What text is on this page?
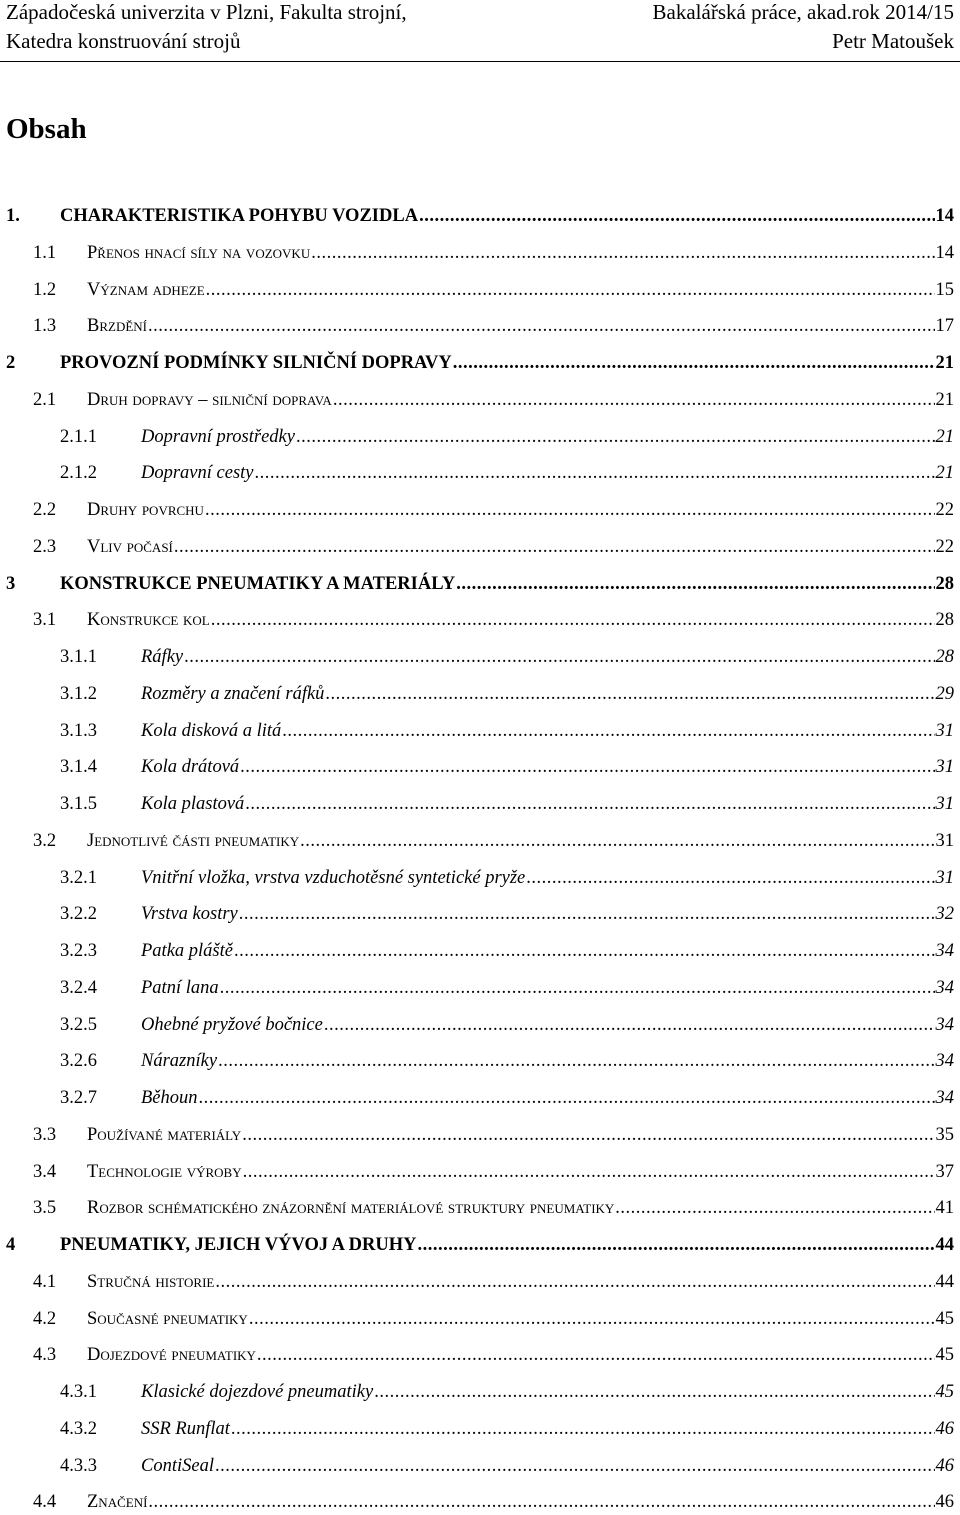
Západočeská univerzita v Plzni, Fakulta strojní,	Bakalářská práce, akad.rok 2014/15
Katedra konstruování strojů	Petr Matoušek
Obsah
1. CHARAKTERISTIKA POHYBU VOZIDLA .....	14
1.1 Přenos hnací síly na vozovku .....	14
1.2 Význam adheze .....	15
1.3 Brzdění .....	17
2 PROVOZNÍ PODMÍNKY SILNIČNÍ DOPRAVY .....	21
2.1 Druh dopravy – silniční doprava .....	21
2.1.1 Dopravní prostředky .....	21
2.1.2 Dopravní cesty .....	21
2.2 Druhy povrchu .....	22
2.3 Vliv počasí .....	22
3 KONSTRUKCE PNEUMATIKY A MATERIÁLY .....	28
3.1 Konstrukce kol .....	28
3.1.1 Ráfky .....	28
3.1.2 Rozměry a značení ráfků .....	29
3.1.3 Kola disková a litá .....	31
3.1.4 Kola drátová .....	31
3.1.5 Kola plastová .....	31
3.2 Jednotlivé části pneumatiky .....	31
3.2.1 Vnitřní vložka, vrstva vzduchotěsné syntetické pryže .....	31
3.2.2 Vrstva kostry .....	32
3.2.3 Patka pláště .....	34
3.2.4 Patní lana .....	34
3.2.5 Ohebné pryžové bočnice .....	34
3.2.6 Nárazníky .....	34
3.2.7 Běhoun .....	34
3.3 Používané materiály .....	35
3.4 Technologie výroby .....	37
3.5 Rozbor schématického znázornění materiálové struktury pneumatiky .....	41
4 PNEUMATIKY, JEJICH VÝVOJ A DRUHY .....	44
4.1 Stručná historie .....	44
4.2 Současné pneumatiky .....	45
4.3 Dojezdové pneumatiky .....	45
4.3.1 Klasické dojezdové pneumatiky .....	45
4.3.2 SSR Runflat .....	46
4.3.3 ContiSeal .....	46
4.4 Značení .....	46
